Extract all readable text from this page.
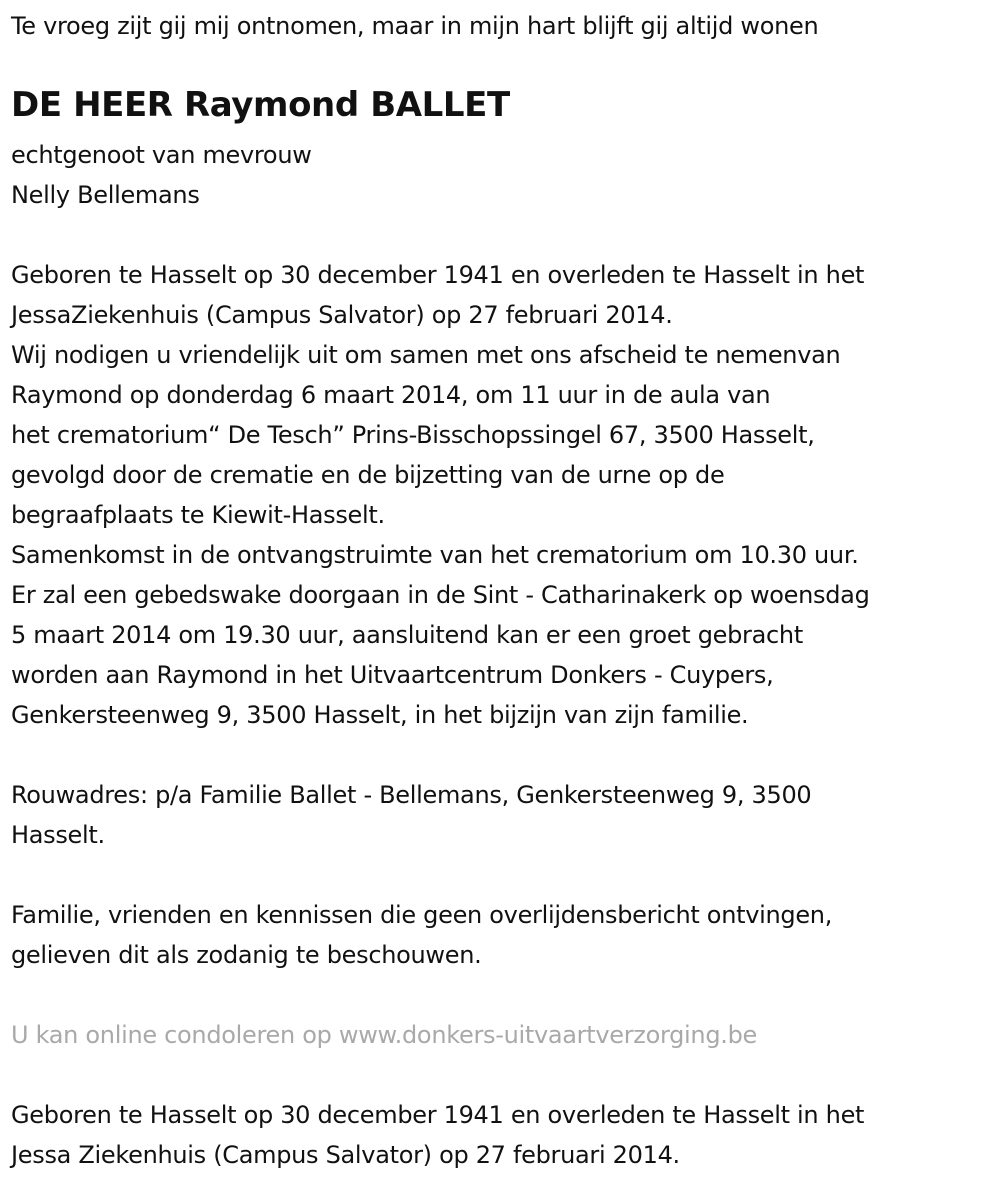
Te vroeg zijt gij mij ontnomen, maar in mijn hart blijft gij altijd wonen

DE HEER Raymond BALLET

echtgenoot van mevrouw

Nelly Bellemans

Geboren te Hasselt op 30 december 1941 en overleden te Hasselt in het

JessaZiekenhuis (Campus Salvator) op 27 februari 2014.

Wij nodigen u vriendelijk uit om samen met ons afscheid te nemenvan

Raymond op donderdag 6 maart 2014, om 11 uur in de aula van

het crematorium“ De Tesch” Prins-Bisschopssingel 67, 3500 Hasselt,

gevolgd door de crematie en de bijzetting van de urne op de

begraafplaats te Kiewit-Hasselt.

Samenkomst in de ontvangstruimte van het crematorium om 10.30 uur.

Er zal een gebedswake doorgaan in de Sint - Catharinakerk op woensdag

5 maart 2014 om 19.30 uur, aansluitend kan er een groet gebracht

worden aan Raymond in het Uitvaartcentrum Donkers - Cuypers,

Genkersteenweg 9, 3500 Hasselt, in het bijzijn van zijn familie.

Rouwadres: p/a Familie Ballet - Bellemans, Genkersteenweg 9, 3500

Hasselt.

Familie, vrienden en kennissen die geen overlijdensbericht ontvingen,

gelieven dit als zodanig te beschouwen.

U kan online condoleren op www.donkers-uitvaartverzorging.be

Geboren te Hasselt op 30 december 1941 en overleden te Hasselt in het

Jessa Ziekenhuis (Campus Salvator) op 27 februari 2014.
